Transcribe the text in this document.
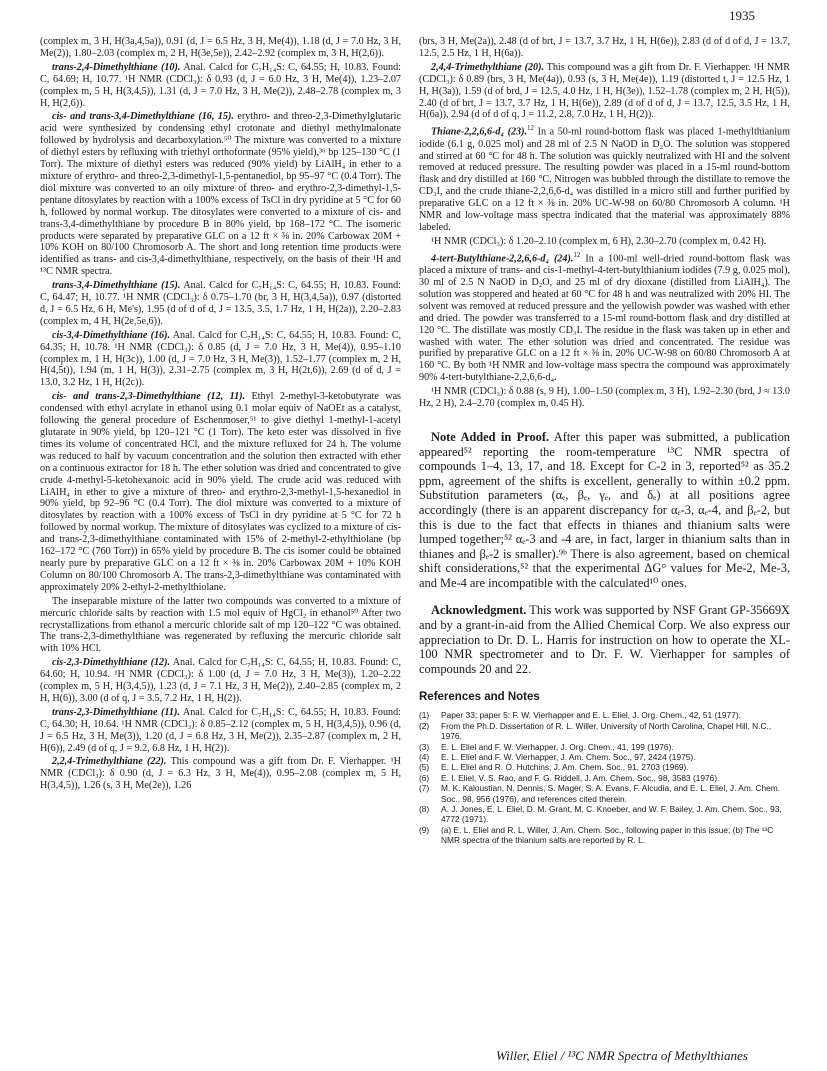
1935

(complex m, 3 H, H(3a,4,5a)), 0.91 (d, J = 6.5 Hz, 3 H, Me(4)), 1.18 (d, J = 7.0 Hz, 3 H, Me(2)), 1.80–2.03 (complex m, 2 H, H(3e,5e)), 2.42–2.92 (complex m, 3 H, H(2,6)).

trans-2,4-Dimethylthiane (10). Anal. Calcd for C₇H₁₄S: C, 64.55; H, 10.83. Found: C, 64.69; H, 10.77. ¹H NMR (CDCl₃): δ 0.93 (d, J = 6.0 Hz, 3 H, Me(4)), 1.23–2.07 (complex m, 5 H, H(3,4,5)), 1.31 (d, J = 7.0 Hz, 3 H, Me(2)), 2.48–2.78 (complex m, 3 H, H(2,6)).

cis- and trans-3,4-Dimethylthiane (16, 15). erythro- and threo-2,3-Dimethylglutaric acid were synthesized by condensing ethyl crotonate and diethyl methylmalonate followed by hydrolysis and decarboxylation.⁵⁰ The mixture was converted to a mixture of diethyl esters by refluxing with triethyl orthoformate (95% yield),³⁶ bp 125–130 °C (1 Torr). The mixture of diethyl esters was reduced (90% yield) by LiAlH₄ in ether to a mixture of erythro- and threo-2,3-dimethyl-1,5-pentanediol, bp 95–97 °C (0.4 Torr). The diol mixture was converted to an oily mixture of threo- and erythro-2,3-dimethyl-1,5-pentane ditosylates by reaction with a 100% excess of TsCl in dry pyridine at 5 °C for 60 h, followed by normal workup. The ditosylates were converted to a mixture of cis- and trans-3,4-dimethylthiane by procedure B in 80% yield, bp 168–172 °C. The isomeric products were separated by preparative GLC on a 12 ft × ⅜ in. 20% Carbowax 20M + 10% KOH on 80/100 Chromosorb A. The short and long retention time products were identified as trans- and cis-3,4-dimethylthiane, respectively, on the basis of their ¹H and ¹³C NMR spectra.

trans-3,4-Dimethylthiane (15). Anal. Calcd for C₇H₁₄S: C, 64.55; H, 10.83. Found: C, 64.47; H, 10.77. ¹H NMR (CDCl₃): δ 0.75–1.70 (br, 3 H, H(3,4,5a)), 0.97 (distorted d, J = 6.5 Hz, 6 H, Me's), 1.95 (d of d of d, J = 13.5, 3.5, 1.7 Hz, 1 H, H(2a)), 2.20–2.83 (complex m, 4 H, H(2e,5e,6)).

cis-3,4-Dimethylthiane (16). Anal. Calcd for C₇H₁₄S: C, 64.55; H, 10.83. Found: C, 64.35; H, 10.78. ¹H NMR (CDCl₃): δ 0.85 (d, J = 7.0 Hz, 3 H, Me(4)), 0.95–1.10 (complex m, 1 H, H(3c)), 1.00 (d, J = 7.0 Hz, 3 H, Me(3)), 1.52–1.77 (complex m, 2 H, H(4,5t)), 1.94 (m, 1 H, H(3)), 2.31–2.75 (complex m, 3 H, H(2t,6)), 2.69 (d of d, J = 13.0, 3.2 Hz, 1 H, H(2c)).

cis- and trans-2,3-Dimethylthiane (12, 11). Ethyl 2-methyl-3-ketobutyrate was condensed with ethyl acrylate in ethanol using 0.1 molar equiv of NaOEt as a catalyst, following the general procedure of Eschenmoser,⁵¹ to give diethyl 1-methyl-1-acetyl glutarate in 90% yield, bp 120–121 °C (1 Torr). The keto ester was dissolved in five times its volume of concentrated HCl, and the mixture refluxed for 24 h. The volume was reduced to half by vacuum concentration and the solution then extracted with ether on a continuous extractor for 18 h. The ether solution was dried and concentrated to give crude 4-methyl-5-ketohexanoic acid in 90% yield. The crude acid was reduced with LiAlH₄ in ether to give a mixture of threo- and erythro-2,3-methyl-1,5-hexanediol in 90% yield, bp 92–96 °C (0.4 Torr). The diol mixture was converted to a mixture of ditosylates by reaction with a 100% excess of TsCl in dry pyridine at 5 °C for 72 h followed by normal workup. The mixture of ditosylates was cyclized to a mixture of cis- and trans-2,3-dimethylthiane contaminated with 15% of 2-methyl-2-ethylthiolane (bp 162–172 °C (760 Torr)) in 65% yield by procedure B. The cis isomer could be obtained nearly pure by preparative GLC on a 12 ft × ⅜ in. 20% Carbowax 20M + 10% KOH Column on 80/100 Chromosorb A. The trans-2,3-dimethylthiane was contaminated with approximately 20% 2-ethyl-2-methylthiolane.

The inseparable mixture of the latter two compounds was converted to a mixture of mercuric chloride salts by reaction with 1.5 mol equiv of HgCl₂ in ethanol⁵⁰ After two recrystallizations from ethanol a mercuric chloride salt of mp 120–122 °C was obtained. The trans-2,3-dimethylthiane was regenerated by refluxing the mercuric chloride salt with 10% HCl.

cis-2,3-Dimethylthiane (12). Anal. Calcd for C₇H₁₄S: C, 64.55; H, 10.83. Found: C, 64.60; H, 10.94. ¹H NMR (CDCl₃): δ 1.00 (d, J = 7.0 Hz, 3 H, Me(3)), 1.20–2.22 (complex m, 5 H, H(3,4,5)), 1.23 (d, J = 7.1 Hz, 3 H, Me(2)), 2.40–2.85 (complex m, 2 H, H(6)), 3.00 (d of q, J = 3.5, 7.2 Hz, 1 H, H(2)).

trans-2,3-Dimethylthiane (11). Anal. Calcd for C₇H₁₄S: C, 64.55; H, 10.83. Found: C, 64.30; H, 10.64. ¹H NMR (CDCl₃): δ 0.85–2.12 (complex m, 5 H, H(3,4,5)), 0.96 (d, J = 6.5 Hz, 3 H, Me(3)), 1.20 (d, J = 6.8 Hz, 3 H, Me(2)), 2.35–2.87 (complex m, 2 H, H(6)), 2.49 (d of q, J = 9.2, 6.8 Hz, 1 H, H(2)).

2,2,4-Trimethylthiane (22). This compound was a gift from Dr. F. Vierhapper. ¹H NMR (CDCl₃): δ 0.90 (d, J = 6.3 Hz, 3 H, Me(4)), 0.95–2.08 (complex m, 5 H, H(3,4,5)), 1.26 (s, 3 H, Me(2e)), 1.26

(brs, 3 H, Me(2a)), 2.48 (d of brt, J = 13.7, 3.7 Hz, 1 H, H(6e)), 2.83 (d of d of d, J = 13.7, 12.5, 2.5 Hz, 1 H, H(6a)).

2,4,4-Trimethylthiane (20). This compound was a gift from Dr. F. Vierhapper. ¹H NMR (CDCl₃): δ 0.89 (brs, 3 H, Me(4a)), 0.93 (s, 3 H, Me(4e)), 1.19 (distorted t, J = 12.5 Hz, 1 H, H(3a)), 1.59 (d of brd, J = 12.5, 4.0 Hz, 1 H, H(3e)), 1.52–1.78 (complex m, 2 H, H(5)), 2.40 (d of brt, J = 13.7, 3.7 Hz, 1 H, H(6e)), 2.89 (d of d of d, J = 13.7, 12.5, 3.5 Hz, 1 H, H(6a)), 2.94 (d of d of q, J = 11.2, 2.8, 7.0 Hz, 1 H, H(2)).

Thiane-2,2,6,6-d₄ (23).$^{12}$ In a 50-ml round-bottom flask was placed 1-methylthianium iodide (6.1 g, 0.025 mol) and 28 ml of 2.5 N NaOD in D₂O. The solution was stoppered and stirred at 60 °C for 48 h. The solution was quickly neutralized with HI and the solvent removed at reduced pressure. The resulting powder was placed in a 15-ml round-bottom flask and dry distilled at 160 °C. Nitrogen was bubbled through the distillate to remove the CD₃I, and the crude thiane-2,2,6,6-d₄ was distilled in a micro still and further purified by preparative GLC on a 12 ft × ⅜ in. 20% UC-W-98 on 60/80 Chromosorb A column. ¹H NMR and low-voltage mass spectra indicated that the material was approximately 88% labeled.

¹H NMR (CDCl₃): δ 1.20–2.10 (complex m, 6 H), 2.30–2.70 (complex m, 0.42 H).

4-tert-Butylthiane-2,2,6,6-d₄ (24).$^{12}$ In a 100-ml well-dried round-bottom flask was placed a mixture of trans- and cis-1-methyl-4-tert-butylthianium iodides (7.9 g, 0.025 mol), 30 ml of 2.5 N NaOD in D₂O, and 25 ml of dry dioxane (distilled from LiAlH₄). The solution was stoppered and heated at 60 °C for 48 h and was neutralized with 20% HI. The solvent was removed at reduced pressure and the yellowish powder was washed with ether and dried. The powder was transferred to a 15-ml round-bottom flask and dry distilled at 120 °C. The distillate was mostly CD₃I. The residue in the flask was taken up in ether and washed with water. The ether solution was dried and concentrated. The residue was purified by preparative GLC on a 12 ft × ⅜ in. 20% UC-W-98 on 60/80 Chromosorb A at 160 °C. By both ¹H NMR and low-voltage mass spectra the compound was approximately 90% 4-tert-butylthiane-2,2,6,6-d₄.

¹H NMR (CDCl₃): δ 0.88 (s, 9 H), 1.00–1.50 (complex m, 3 H), 1.92–2.30 (brd, J ≈ 13.0 Hz, 2 H), 2.4–2.70 (complex m, 0.45 H).

Note Added in Proof. After this paper was submitted, a publication appeared⁵² reporting the room-temperature ¹³C NMR spectra of compounds 1–4, 13, 17, and 18. Except for C-2 in 3, reported⁵² as 35.2 ppm, agreement of the shifts is excellent, generally to within ±0.2 ppm. Substitution parameters (αₑ, βₑ, γₑ, and δₑ) at all positions agree accordingly (there is an apparent discrepancy for αₑ-3, αₑ-4, and βₑ-2, but this is due to the fact that effects in thianes and thianium salts were lumped together;⁵² αₑ-3 and -4 are, in fact, larger in thianium salts than in thianes and βₑ-2 is smaller).⁹ᵇ There is also agreement, based on chemical shift considerations,⁵² that the experimental ΔG° values for Me-2, Me-3, and Me-4 are incompatible with the calculated¹⁰ ones.

Acknowledgment. This work was supported by NSF Grant GP-35669X and by a grant-in-aid from the Allied Chemical Corp. We also express our appreciation to Dr. D. L. Harris for instruction on how to operate the XL-100 NMR spectrometer and to Dr. F. W. Vierhapper for samples of compounds 20 and 22.

References and Notes
(1)	Paper 33; paper 5: F. W. Vierhapper and E. L. Eliel, J. Org. Chem., 42, 51 (1977).
(2)	From the Ph.D. Dissertation of R. L. Willer, University of North Carolina, Chapel Hill, N.C., 1976.
(3)	E. L. Eliel and F. W. Vierhapper, J. Org. Chem., 41, 199 (1976).
(4)	E. L. Eliel and F. W. Vierhapper, J. Am. Chem. Soc., 97, 2424 (1975).
(5)	E. L. Eliel and R. O. Hutchins, J. Am. Chem. Soc., 91, 2703 (1969).
(6)	E. I. Eliel, V. S. Rao, and F. G. Riddell, J. Am. Chem. Soc., 98, 3583 (1976).
(7)	M. K. Kaloustian, N. Dennis, S. Mager, S. A. Evans, F. Alcudia, and E. L. Eliel, J. Am. Chem. Soc., 98, 956 (1976), and references cited therein.
(8)	A. J. Jones, E. L. Eliel, D. M. Grant, M. C. Knoeber, and W. F. Bailey, J. Am. Chem. Soc., 93, 4772 (1971).
(9)	(a) E. L. Eliel and R. L. Willer, J. Am. Chem. Soc., following paper in this issue; (b) The ¹³C NMR spectra of the thianium salts are reported by R. L.
Willer, Eliel / ¹³C NMR Spectra of Methylthianes
